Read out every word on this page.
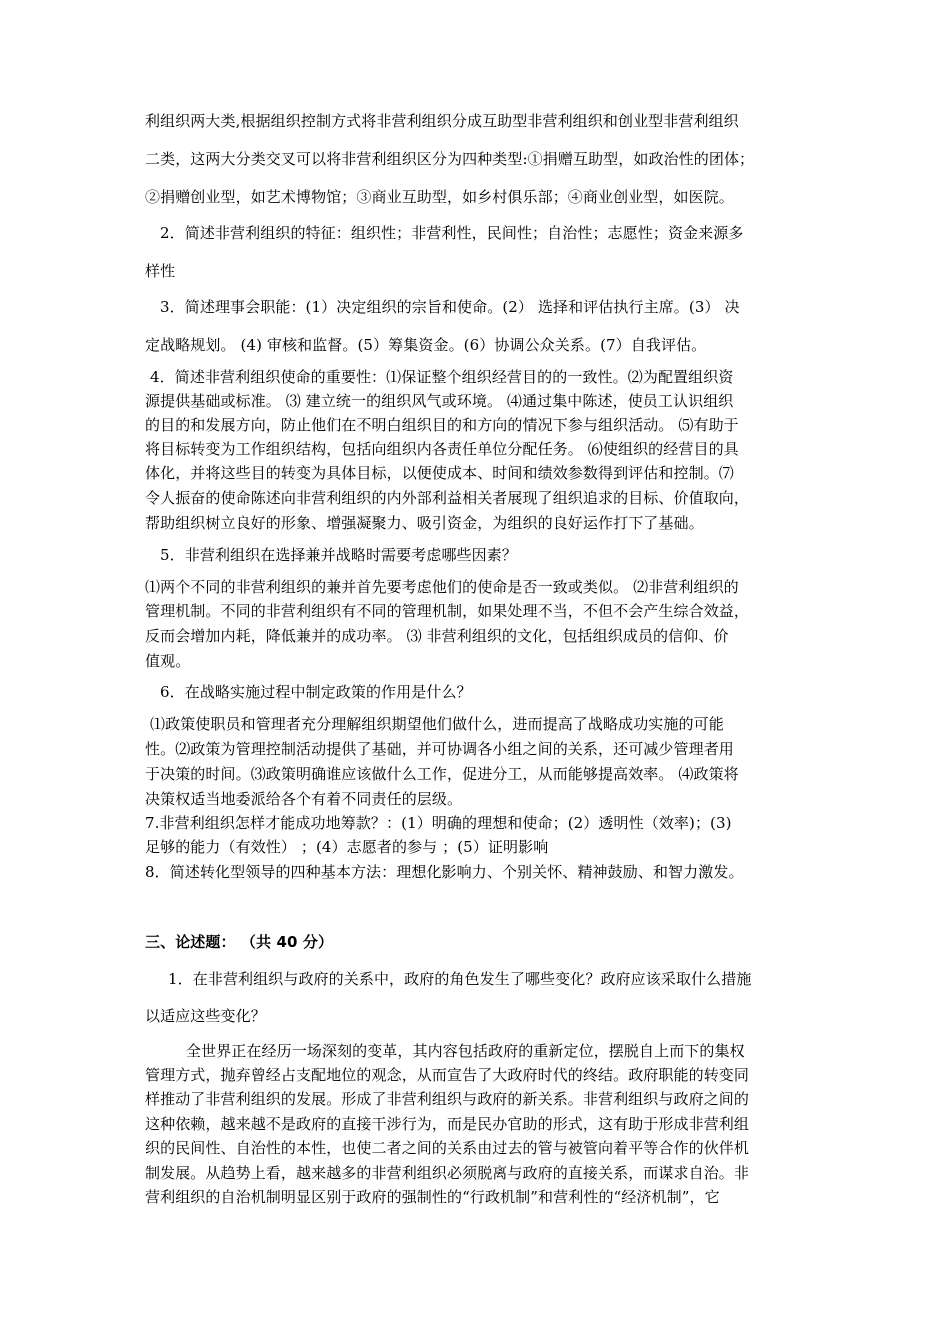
利组织两大类,根据组织控制方式将非营利组织分成互助型非营利组织和创业型非营利组织
二类，这两大分类交叉可以将非营利组织区分为四种类型:①捐赠互助型，如政治性的团体；
②捐赠创业型，如艺术博物馆；③商业互助型，如乡村俱乐部；④商业创业型，如医院。
2．简述非营利组织的特征：组织性；非营利性，民间性；自治性；志愿性；资金来源多
样性
3．简述理事会职能：(1）决定组织的宗旨和使命。(2） 选择和评估执行主席。(3） 决
定战略规划。 (4) 审核和监督。(5）筹集资金。(6）协调公众关系。(7）自我评估。
4．简述非营利组织使命的重要性：⑴保证整个组织经营目的的一致性。⑵为配置组织资
源提供基础或标准。 ⑶ 建立统一的组织风气或环境。 ⑷通过集中陈述，使员工认识组织
的目的和发展方向，防止他们在不明白组织目的和方向的情况下参与组织活动。 ⑸有助于
将目标转变为工作组织结构，包括向组织内各责任单位分配任务。 ⑹使组织的经营目的具
体化，并将这些目的转变为具体目标，以便使成本、时间和绩效参数得到评估和控制。⑺
令人振奋的使命陈述向非营利组织的内外部利益相关者展现了组织追求的目标、价值取向，
帮助组织树立良好的形象、增强凝聚力、吸引资金，为组织的良好运作打下了基础。
5．非营利组织在选择兼并战略时需要考虑哪些因素？
⑴两个不同的非营利组织的兼并首先要考虑他们的使命是否一致或类似。 ⑵非营利组织的
管理机制。不同的非营利组织有不同的管理机制，如果处理不当，不但不会产生综合效益，
反而会增加内耗，降低兼并的成功率。 ⑶ 非营利组织的文化，包括组织成员的信仰、价
值观。
6．在战略实施过程中制定政策的作用是什么？
⑴政策使职员和管理者充分理解组织期望他们做什么，进而提高了战略成功实施的可能
性。⑵政策为管理控制活动提供了基础，并可协调各小组之间的关系，还可减少管理者用
于决策的时间。⑶政策明确谁应该做什么工作，促进分工，从而能够提高效率。 ⑷政策将
决策权适当地委派给各个有着不同责任的层级。
7.非营利组织怎样才能成功地筹款？：(1）明确的理想和使命；(2）透明性（效率)；(3)
足够的能力（有效性） ；(4）志愿者的参与 ；(5）证明影响
8．简述转化型领导的四种基本方法：理想化影响力、个别关怀、精神鼓励、和智力激发。
三、论述题： （共 40 分）
1．在非营利组织与政府的关系中，政府的角色发生了哪些变化？政府应该采取什么措施
以适应这些变化？
全世界正在经历一场深刻的变革，其内容包括政府的重新定位，摆脱自上而下的集权
管理方式，抛弃曾经占支配地位的观念，从而宣告了大政府时代的终结。政府职能的转变同
样推动了非营利组织的发展。形成了非营利组织与政府的新关系。非营利组织与政府之间的
这种依赖，越来越不是政府的直接干涉行为，而是民办官助的形式，这有助于形成非营利组
织的民间性、自治性的本性，也使二者之间的关系由过去的管与被管向着平等合作的伙伴机
制发展。从趋势上看，越来越多的非营利组织必须脱离与政府的直接关系，而谋求自治。非
营利组织的自治机制明显区别于政府的强制性的“行政机制”和营利性的“经济机制”，它
